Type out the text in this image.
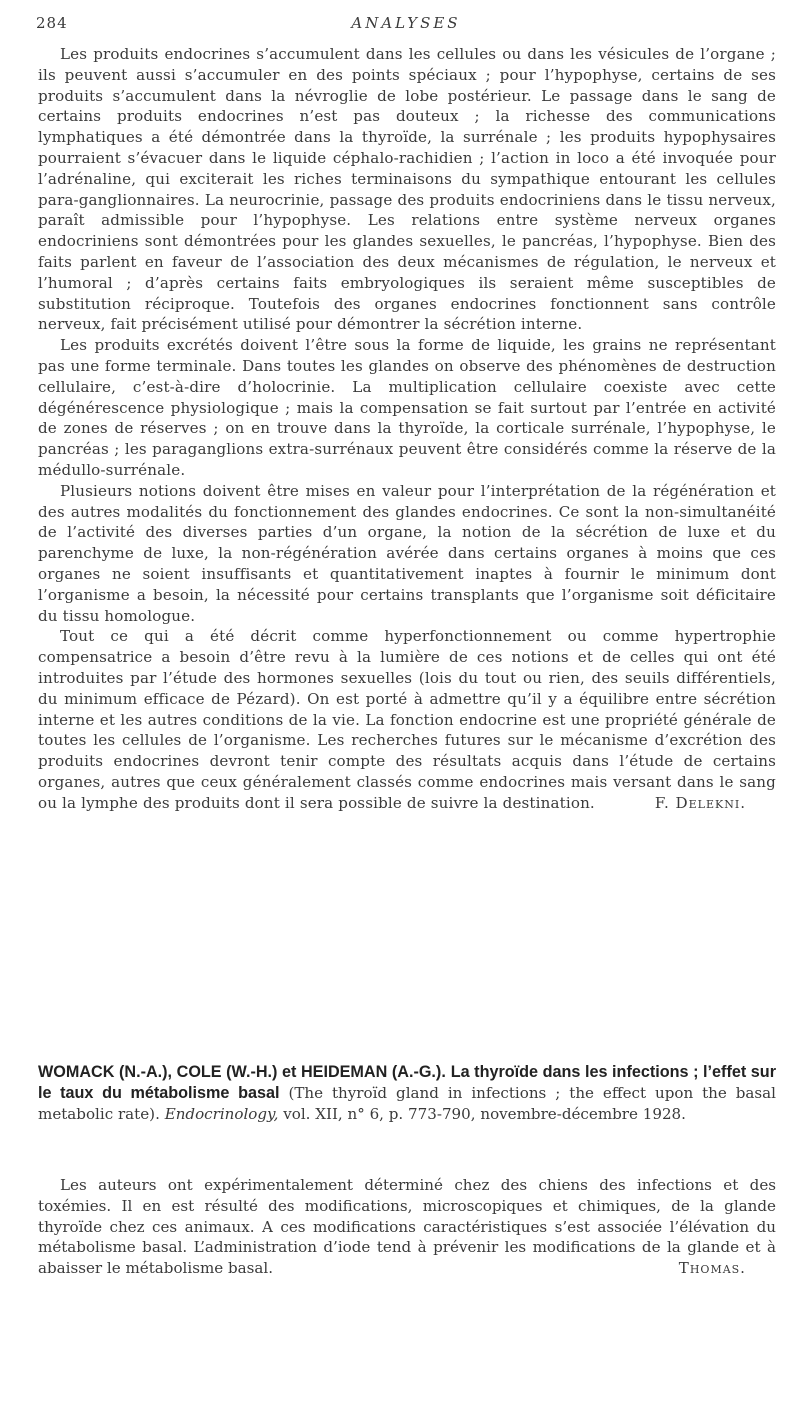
284	ANALYSES

Les produits endocrines s’accumulent dans les cellules ou dans les vésicules de l’organe ; ils peuvent aussi s’accumuler en des points spéciaux ; pour l’hypophyse, certains de ses produits s’accumulent dans la névroglie de lobe postérieur. Le passage dans le sang de certains produits endocrines n’est pas douteux ; la richesse des communications lymphatiques a été démontrée dans la thyroïde, la surrénale ; les produits hypophysaires pourraient s’évacuer dans le liquide céphalo-rachidien ; l’action in loco a été invoquée pour l’adrénaline, qui exciterait les riches terminaisons du sympathique entourant les cellules para-ganglionnaires. La neurocrinie, passage des produits endocriniens dans le tissu nerveux, paraît admissible pour l’hypophyse. Les relations entre système nerveux organes endocriniens sont démontrées pour les glandes sexuelles, le pancréas, l’hypophyse. Bien des faits parlent en faveur de l’association des deux mécanismes de régulation, le nerveux et l’humoral ; d’après certains faits embryologiques ils seraient même susceptibles de substitution réciproque. Toutefois des organes endocrines fonctionnent sans contrôle nerveux, fait précisément utilisé pour démontrer la sécrétion interne.

Les produits excrétés doivent l’être sous la forme de liquide, les grains ne représentant pas une forme terminale. Dans toutes les glandes on observe des phénomènes de destruction cellulaire, c’est-à-dire d’holocrinie. La multiplication cellulaire coexiste avec cette dégénérescence physiologique ; mais la compensation se fait surtout par l’entrée en activité de zones de réserves ; on en trouve dans la thyroïde, la corticale surrénale, l’hypophyse, le pancréas ; les paraganglions extra-surrénaux peuvent être considérés comme la réserve de la médullo-surrénale.

Plusieurs notions doivent être mises en valeur pour l’interprétation de la régénération et des autres modalités du fonctionnement des glandes endocrines. Ce sont la non-simultanéité de l’activité des diverses parties d’un organe, la notion de la sécrétion de luxe et du parenchyme de luxe, la non-régénération avérée dans certains organes à moins que ces organes ne soient insuffisants et quantitativement inaptes à fournir le minimum dont l’organisme a besoin, la nécessité pour certains transplants que l’organisme soit déficitaire du tissu homologue.

Tout ce qui a été décrit comme hyperfonctionnement ou comme hypertrophie compensatrice a besoin d’être revu à la lumière de ces notions et de celles qui ont été introduites par l’étude des hormones sexuelles (lois du tout ou rien, des seuils différentiels, du minimum efficace de Pézard). On est porté à admettre qu’il y a équilibre entre sécrétion interne et les autres conditions de la vie. La fonction endocrine est une propriété générale de toutes les cellules de l’organisme. Les recherches futures sur le mécanisme d’excrétion des produits endocrines devront tenir compte des résultats acquis dans l’étude de certains organes, autres que ceux généralement classés comme endocrines mais versant dans le sang ou la lymphe des produits dont il sera possible de suivre la destination.	F. Delekni.

WOMACK (N.-A.), COLE (W.-H.) et HEIDEMAN (A.-G.). La thyroïde dans les infections ; l’effet sur le taux du métabolisme basal (The thyroïd gland in infections ; the effect upon the basal metabolic rate). Endocrinology, vol. XII, n° 6, p. 773-790, novembre-décembre 1928.

Les auteurs ont expérimentalement déterminé chez des chiens des infections et des toxémies. Il en est résulté des modifications, microscopiques et chimiques, de la glande thyroïde chez ces animaux. A ces modifications caractéristiques s’est associée l’élévation du métabolisme basal. L’administration d’iode tend à prévenir les modifications de la glande et à abaisser le métabolisme basal.	Thomas.
